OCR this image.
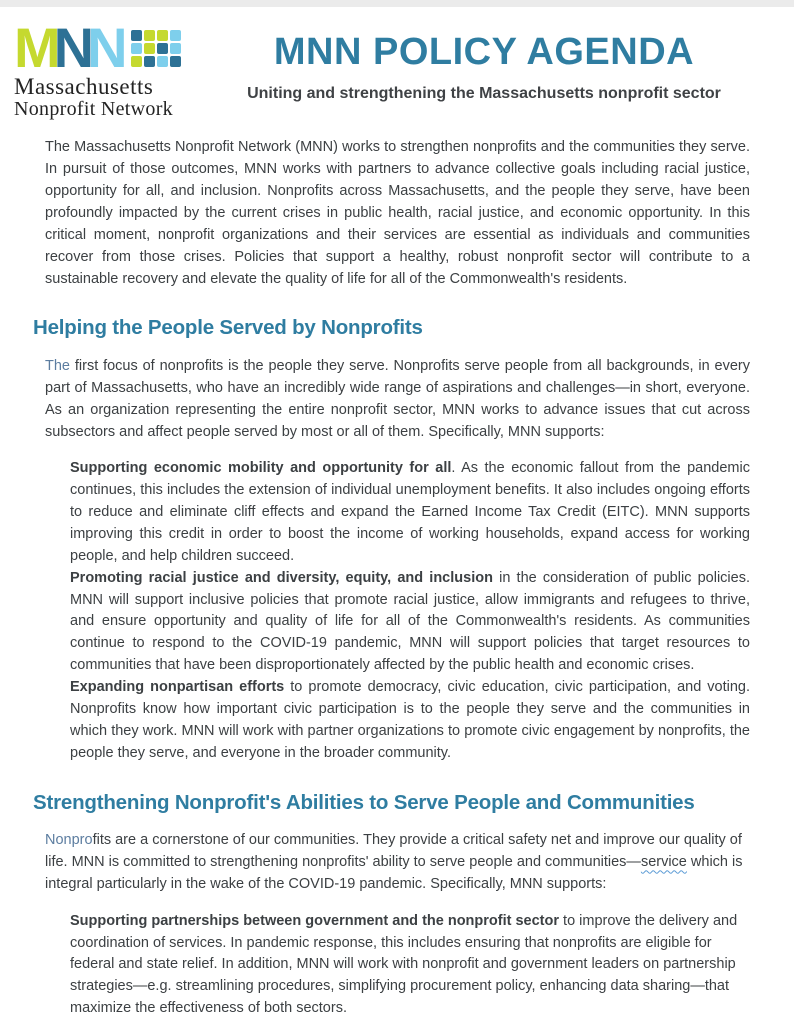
MNN
Massachusetts
Nonprofit Network
MNN POLICY AGENDA
Uniting and strengthening the Massachusetts nonprofit sector

The Massachusetts Nonprofit Network (MNN) works to strengthen nonprofits and the communities they serve. In pursuit of those outcomes, MNN works with partners to advance collective goals including racial justice, opportunity for all, and inclusion. Nonprofits across Massachusetts, and the people they serve, have been profoundly impacted by the current crises in public health, racial justice, and economic opportunity. In this critical moment, nonprofit organizations and their services are essential as individuals and communities recover from those crises. Policies that support a healthy, robust nonprofit sector will contribute to a sustainable recovery and elevate the quality of life for all of the Commonwealth's residents.

Helping the People Served by Nonprofits

The first focus of nonprofits is the people they serve. Nonprofits serve people from all backgrounds, in every part of Massachusetts, who have an incredibly wide range of aspirations and challenges—in short, everyone. As an organization representing the entire nonprofit sector, MNN works to advance issues that cut across subsectors and affect people served by most or all of them. Specifically, MNN supports:

Supporting economic mobility and opportunity for all. As the economic fallout from the pandemic continues, this includes the extension of individual unemployment benefits. It also includes ongoing efforts to reduce and eliminate cliff effects and expand the Earned Income Tax Credit (EITC). MNN supports improving this credit in order to boost the income of working households, expand access for working people, and help children succeed.

Promoting racial justice and diversity, equity, and inclusion in the consideration of public policies. MNN will support inclusive policies that promote racial justice, allow immigrants and refugees to thrive, and ensure opportunity and quality of life for all of the Commonwealth's residents. As communities continue to respond to the COVID-19 pandemic, MNN will support policies that target resources to communities that have been disproportionately affected by the public health and economic crises.

Expanding nonpartisan efforts to promote democracy, civic education, civic participation, and voting. Nonprofits know how important civic participation is to the people they serve and the communities in which they work. MNN will work with partner organizations to promote civic engagement by nonprofits, the people they serve, and everyone in the broader community.

Strengthening Nonprofit's Abilities to Serve People and Communities

Nonprofits are a cornerstone of our communities. They provide a critical safety net and improve our quality of life. MNN is committed to strengthening nonprofits' ability to serve people and communities—service which is integral particularly in the wake of the COVID-19 pandemic. Specifically, MNN supports:

Supporting partnerships between government and the nonprofit sector to improve the delivery and coordination of services. In pandemic response, this includes ensuring that nonprofits are eligible for federal and state relief. In addition, MNN will work with nonprofit and government leaders on partnership strategies—e.g. streamlining procedures, simplifying procurement policy, enhancing data sharing—that maximize the effectiveness of both sectors.
